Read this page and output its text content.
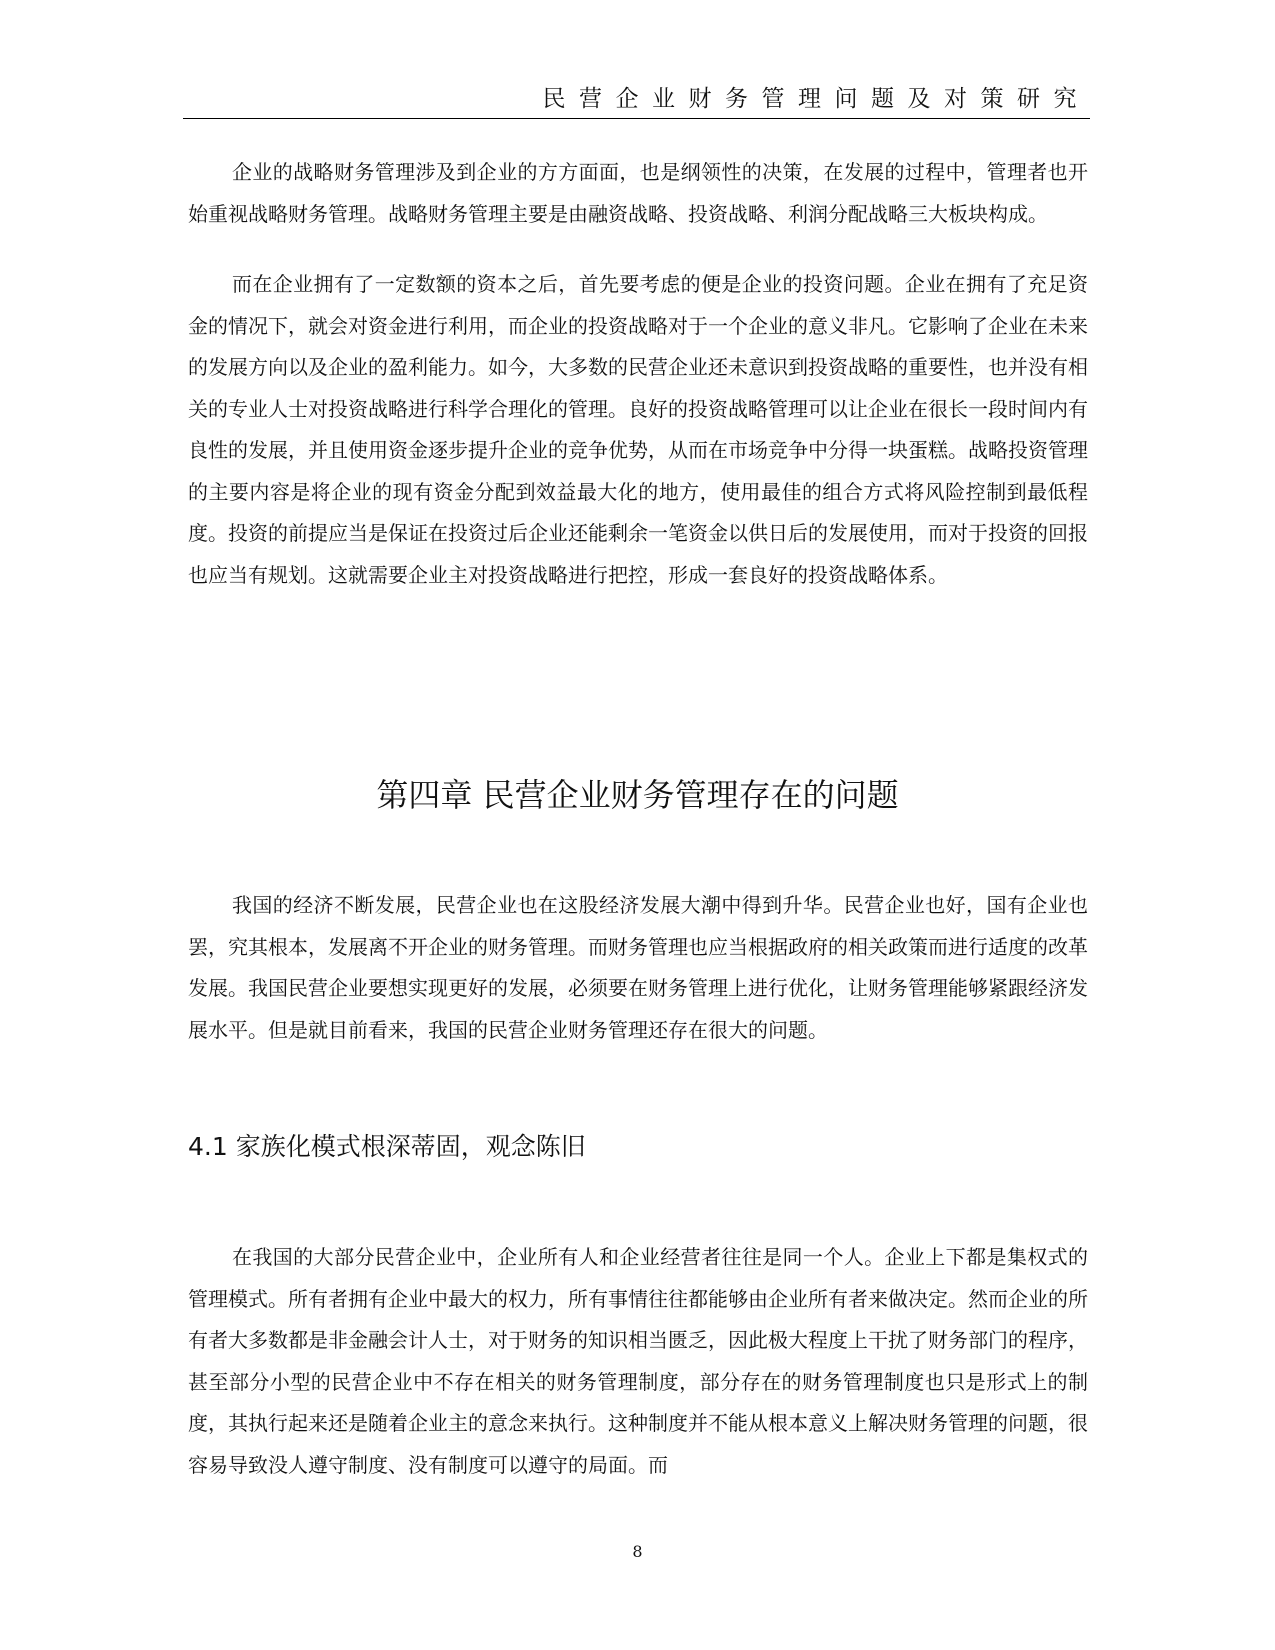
民营企业财务管理问题及对策研究

企业的战略财务管理涉及到企业的方方面面，也是纲领性的决策，在发展的过程中，管理者也开始重视战略财务管理。战略财务管理主要是由融资战略、投资战略、利润分配战略三大板块构成。

而在企业拥有了一定数额的资本之后，首先要考虑的便是企业的投资问题。企业在拥有了充足资金的情况下，就会对资金进行利用，而企业的投资战略对于一个企业的意义非凡。它影响了企业在未来的发展方向以及企业的盈利能力。如今，大多数的民营企业还未意识到投资战略的重要性，也并没有相关的专业人士对投资战略进行科学合理化的管理。良好的投资战略管理可以让企业在很长一段时间内有良性的发展，并且使用资金逐步提升企业的竞争优势，从而在市场竞争中分得一块蛋糕。战略投资管理的主要内容是将企业的现有资金分配到效益最大化的地方，使用最佳的组合方式将风险控制到最低程度。投资的前提应当是保证在投资过后企业还能剩余一笔资金以供日后的发展使用，而对于投资的回报也应当有规划。这就需要企业主对投资战略进行把控，形成一套良好的投资战略体系。

第四章 民营企业财务管理存在的问题

我国的经济不断发展，民营企业也在这股经济发展大潮中得到升华。民营企业也好，国有企业也罢，究其根本，发展离不开企业的财务管理。而财务管理也应当根据政府的相关政策而进行适度的改革发展。我国民营企业要想实现更好的发展，必须要在财务管理上进行优化，让财务管理能够紧跟经济发展水平。但是就目前看来，我国的民营企业财务管理还存在很大的问题。

4.1 家族化模式根深蒂固，观念陈旧

在我国的大部分民营企业中，企业所有人和企业经营者往往是同一个人。企业上下都是集权式的管理模式。所有者拥有企业中最大的权力，所有事情往往都能够由企业所有者来做决定。然而企业的所有者大多数都是非金融会计人士，对于财务的知识相当匮乏，因此极大程度上干扰了财务部门的程序，甚至部分小型的民营企业中不存在相关的财务管理制度，部分存在的财务管理制度也只是形式上的制度，其执行起来还是随着企业主的意念来执行。这种制度并不能从根本意义上解决财务管理的问题，很容易导致没人遵守制度、没有制度可以遵守的局面。而

8
